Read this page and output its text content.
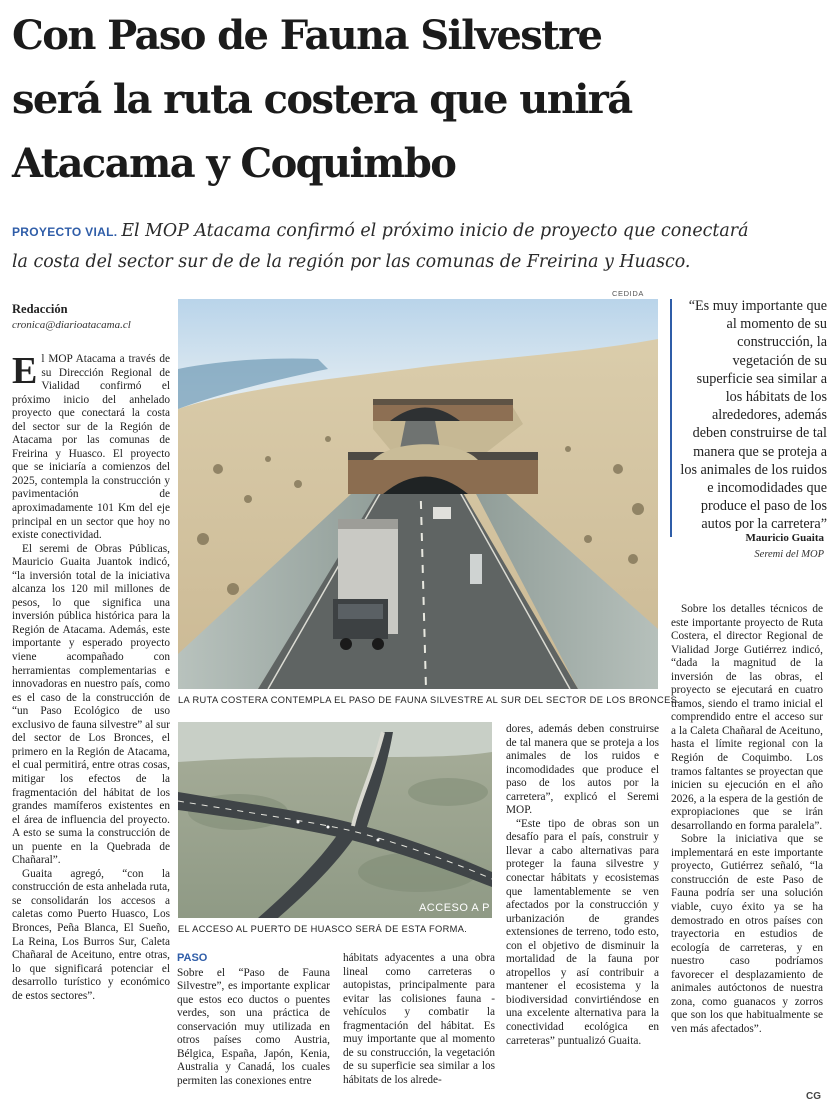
Con Paso de Fauna Silvestre
será la ruta costera que unirá
Atacama y Coquimbo
PROYECTO VIAL. El MOP Atacama confirmó el próximo inicio de proyecto que conectará
la costa del sector sur de de la región por las comunas de Freirina y Huasco.
Redacción
cronica@diarioatacama.cl

El MOP Atacama a través de su Dirección Regional de Vialidad confirmó el próximo inicio del anhelado proyecto que conectará la costa del sector sur de la Región de Atacama por las comunas de Freirina y Huasco. El proyecto que se iniciaría a comienzos del 2025, contempla la construcción y pavimentación de aproximadamente 101 Km del eje principal en un sector que hoy no existe conectividad.

El seremi de Obras Públicas, Mauricio Guaita Juantok indicó, “la inversión total de la iniciativa alcanza los 120 mil millones de pesos, lo que significa una inversión pública histórica para la Región de Atacama. Además, este importante y esperado proyecto viene acompañado con herramientas complementarias e innovadoras en nuestro país, como es el caso de la construcción de “un Paso Ecológico de uso exclusivo de fauna silvestre” al sur del sector de Los Bronces, el primero en la Región de Atacama, el cual permitirá, entre otras cosas, mitigar los efectos de la fragmentación del hábitat de los grandes mamíferos existentes en el área de influencia del proyecto. A esto se suma la construcción de un puente en la Quebrada de Chañaral”.

Guaita agregó, “con la construcción de esta anhelada ruta, se consolidarán los accesos a caletas como Puerto Huasco, Los Bronces, Peña Blanca, El Sueño, La Reina, Los Burros Sur, Caleta Chañaral de Aceituno, entre otras, lo que significará potenciar el desarrollo turístico y económico de estos sectores”.

CEDIDA
LA RUTA COSTERA CONTEMPLA EL PASO DE FAUNA SILVESTRE AL SUR DEL SECTOR DE LOS BRONCES.
“Es muy importante que al momento de su construcción, la vegetación de su superficie sea similar a los hábitats de los alrededores, además deben construirse de tal manera que se proteja a los animales de los ruidos e incomodidades que produce el paso de los autos por la carretera”
Mauricio Guaita
Seremi del MOP
ACCESO A P
EL ACCESO AL PUERTO DE HUASCO SERÁ DE ESTA FORMA.
PASO

Sobre el “Paso de Fauna Silvestre”, es importante explicar que estos eco ductos o puentes verdes, son una práctica de conservación muy utilizada en otros países como Austria, Bélgica, España, Japón, Kenia, Australia y Canadá, los cuales permiten las conexiones entre

hábitats adyacentes a una obra lineal como carreteras o autopistas, principalmente para evitar las colisiones fauna - vehículos y combatir la fragmentación del hábitat. Es muy importante que al momento de su construcción, la vegetación de su superficie sea similar a los hábitats de los alrede-

dores, además deben construirse de tal manera que se proteja a los animales de los ruidos e incomodidades que produce el paso de los autos por la carretera”, explicó el Seremi MOP.

“Este tipo de obras son un desafío para el país, construir y llevar a cabo alternativas para proteger la fauna silvestre y conectar hábitats y ecosistemas que lamentablemente se ven afectados por la construcción y urbanización de grandes extensiones de terreno, todo esto, con el objetivo de disminuir la mortalidad de la fauna por atropellos y así contribuir a mantener el ecosistema y la biodiversidad convirtiéndose en una excelente alternativa para la conectividad ecológica en carreteras” puntualizó Guaita.

Sobre los detalles técnicos de este importante proyecto de Ruta Costera, el director Regional de Vialidad Jorge Gutiérrez indicó, “dada la magnitud de la inversión de las obras, el proyecto se ejecutará en cuatro tramos, siendo el tramo inicial el comprendido entre el acceso sur a la Caleta Chañaral de Aceituno, hasta el límite regional con la Región de Coquimbo. Los tramos faltantes se proyectan que inicien su ejecución en el año 2026, a la espera de la gestión de expropiaciones que se irán desarrollando en forma paralela”.

Sobre la iniciativa que se implementará en este importante proyecto, Gutiérrez señaló, “la construcción de este Paso de Fauna podría ser una solución viable, cuyo éxito ya se ha demostrado en otros países con trayectoria en estudios de ecología de carreteras, y en nuestro caso podríamos favorecer el desplazamiento de animales autóctonos de nuestra zona, como guanacos y zorros que son los que habitualmente se ven más afectados”.

CG
